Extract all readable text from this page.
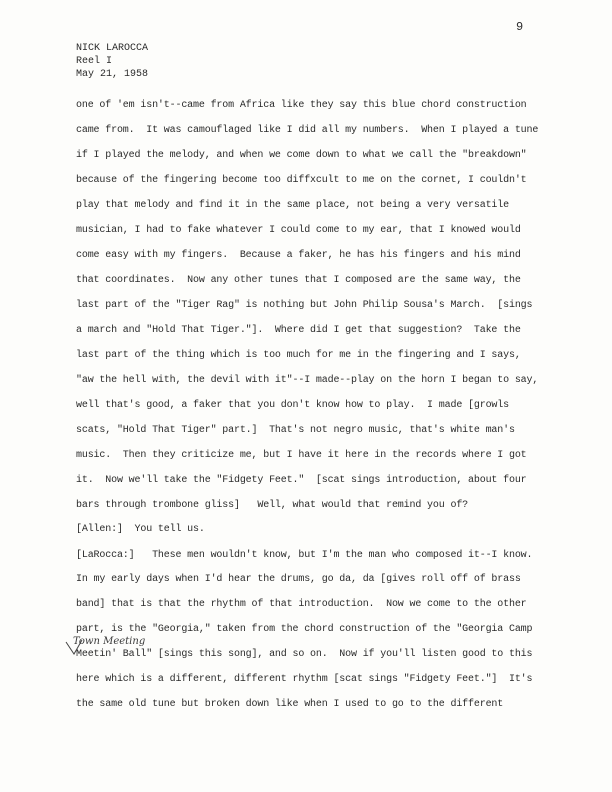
9
NICK LAROCCA
Reel I
May 21, 1958
one of 'em isn't--came from Africa like they say this blue chord construction
came from.  It was camouflaged like I did all my numbers.  When I played a tune
if I played the melody, and when we come down to what we call the "breakdown"
because of the fingering become too diffxcult to me on the cornet, I couldn't
play that melody and find it in the same place, not being a very versatile
musician, I had to fake whatever I could come to my ear, that I knowed would
come easy with my fingers.  Because a faker, he has his fingers and his mind
that coordinates.  Now any other tunes that I composed are the same way, the
last part of the "Tiger Rag" is nothing but John Philip Sousa's March.  [sings
a march and "Hold That Tiger."].  Where did I get that suggestion?  Take the
last part of the thing which is too much for me in the fingering and I says,
"aw the hell with, the devil with it"--I made--play on the horn I began to say,
well that's good, a faker that you don't know how to play.  I made [growls
scats, "Hold That Tiger" part.]  That's not negro music, that's white man's
music.  Then they criticize me, but I have it here in the records where I got
it.  Now we'll take the "Fidgety Feet."  [scat sings introduction, about four
bars through trombone gliss]   Well, what would that remind you of?
[Allen:]  You tell us.
[LaRocca:]   These men wouldn't know, but I'm the man who composed it--I know.
In my early days when I'd hear the drums, go da, da [gives roll off of brass
band] that is that the rhythm of that introduction.  Now we come to the other
part, is the "Georgia," taken from the chord construction of the "Georgia Camp
Meetin' Ball" [sings this song], and so on.  Now if you'll listen good to this
here which is a different, different rhythm [scat sings "Fidgety Feet."]  It's
the same old tune but broken down like when I used to go to the different
Town Meeting
